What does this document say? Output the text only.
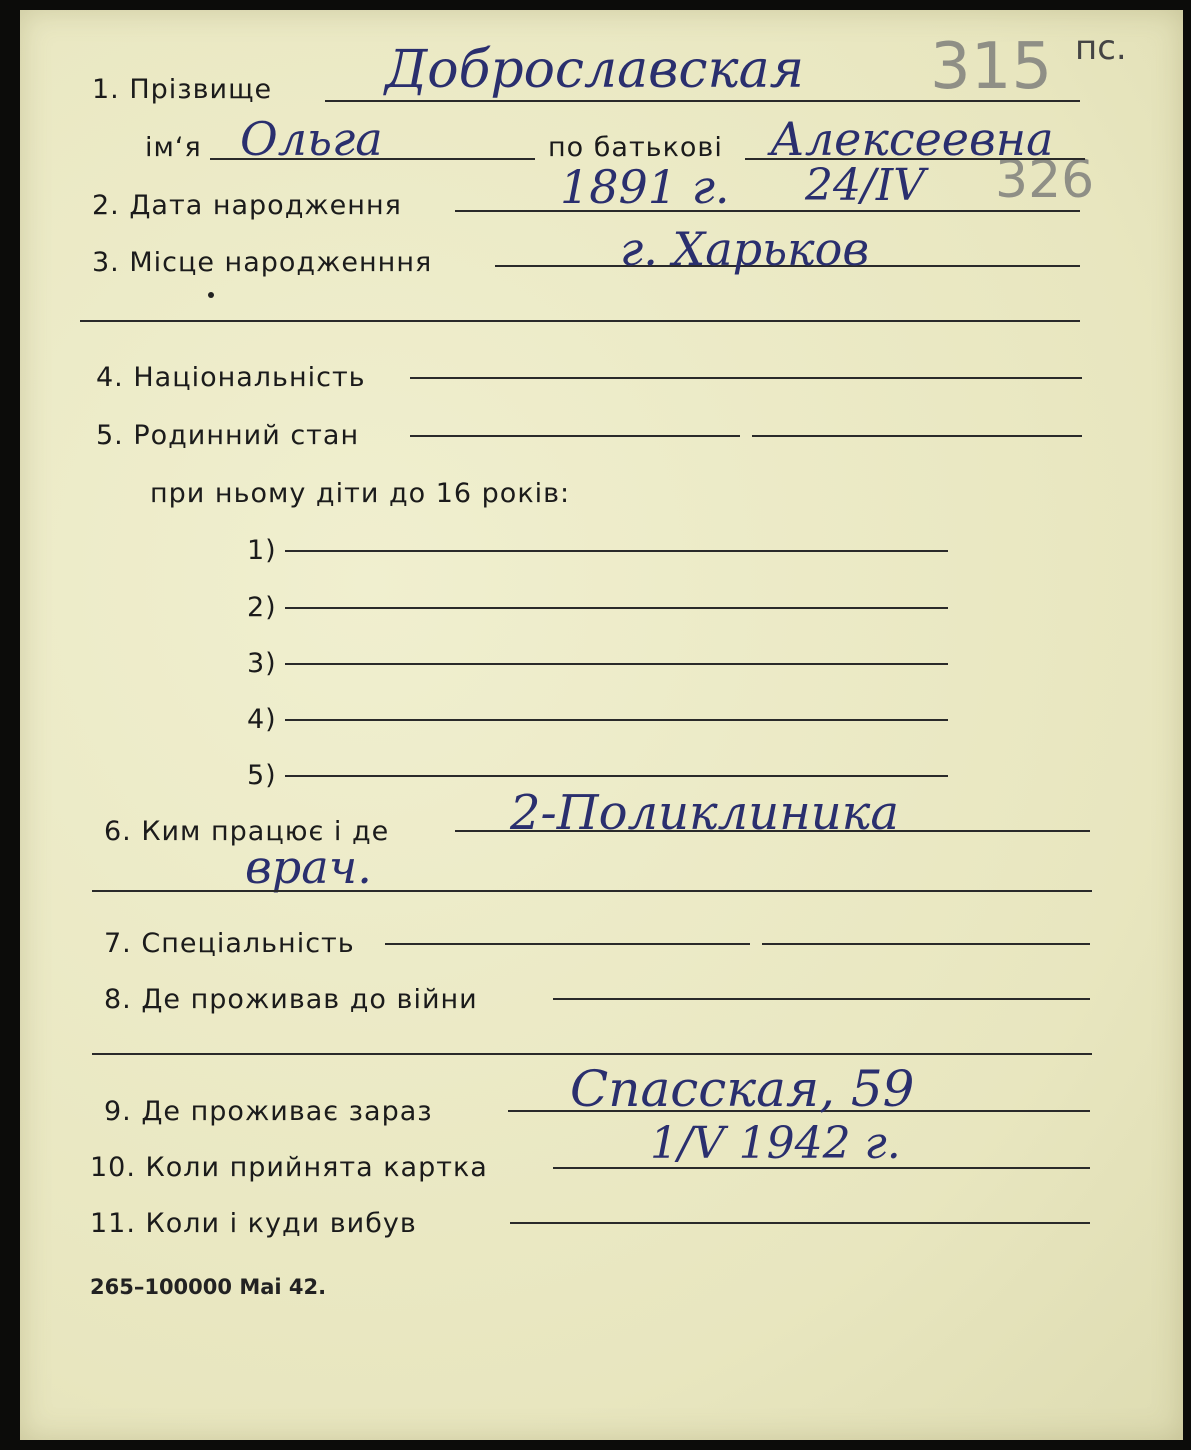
315 пс.
326
1. Прізвище Доброславская
ім‘я Ольга	по батькові Алексеевна
2. Дата народження	1891 г. 24/IV
3. Місце народженння	г. Харьков
4. Національність
5. Родинний стан
при ньому діти до 16 років:
1)
2)
3)
4)
5)
6. Ким працює і де	2-Поликлиника
врач.
7. Спеціальність
8. Де проживав до війни
9. Де проживає зараз	Спасская, 59
10. Коли прийнята картка	1/V 1942 г.
11. Коли і куди вибув
265–100000 Mai 42.
